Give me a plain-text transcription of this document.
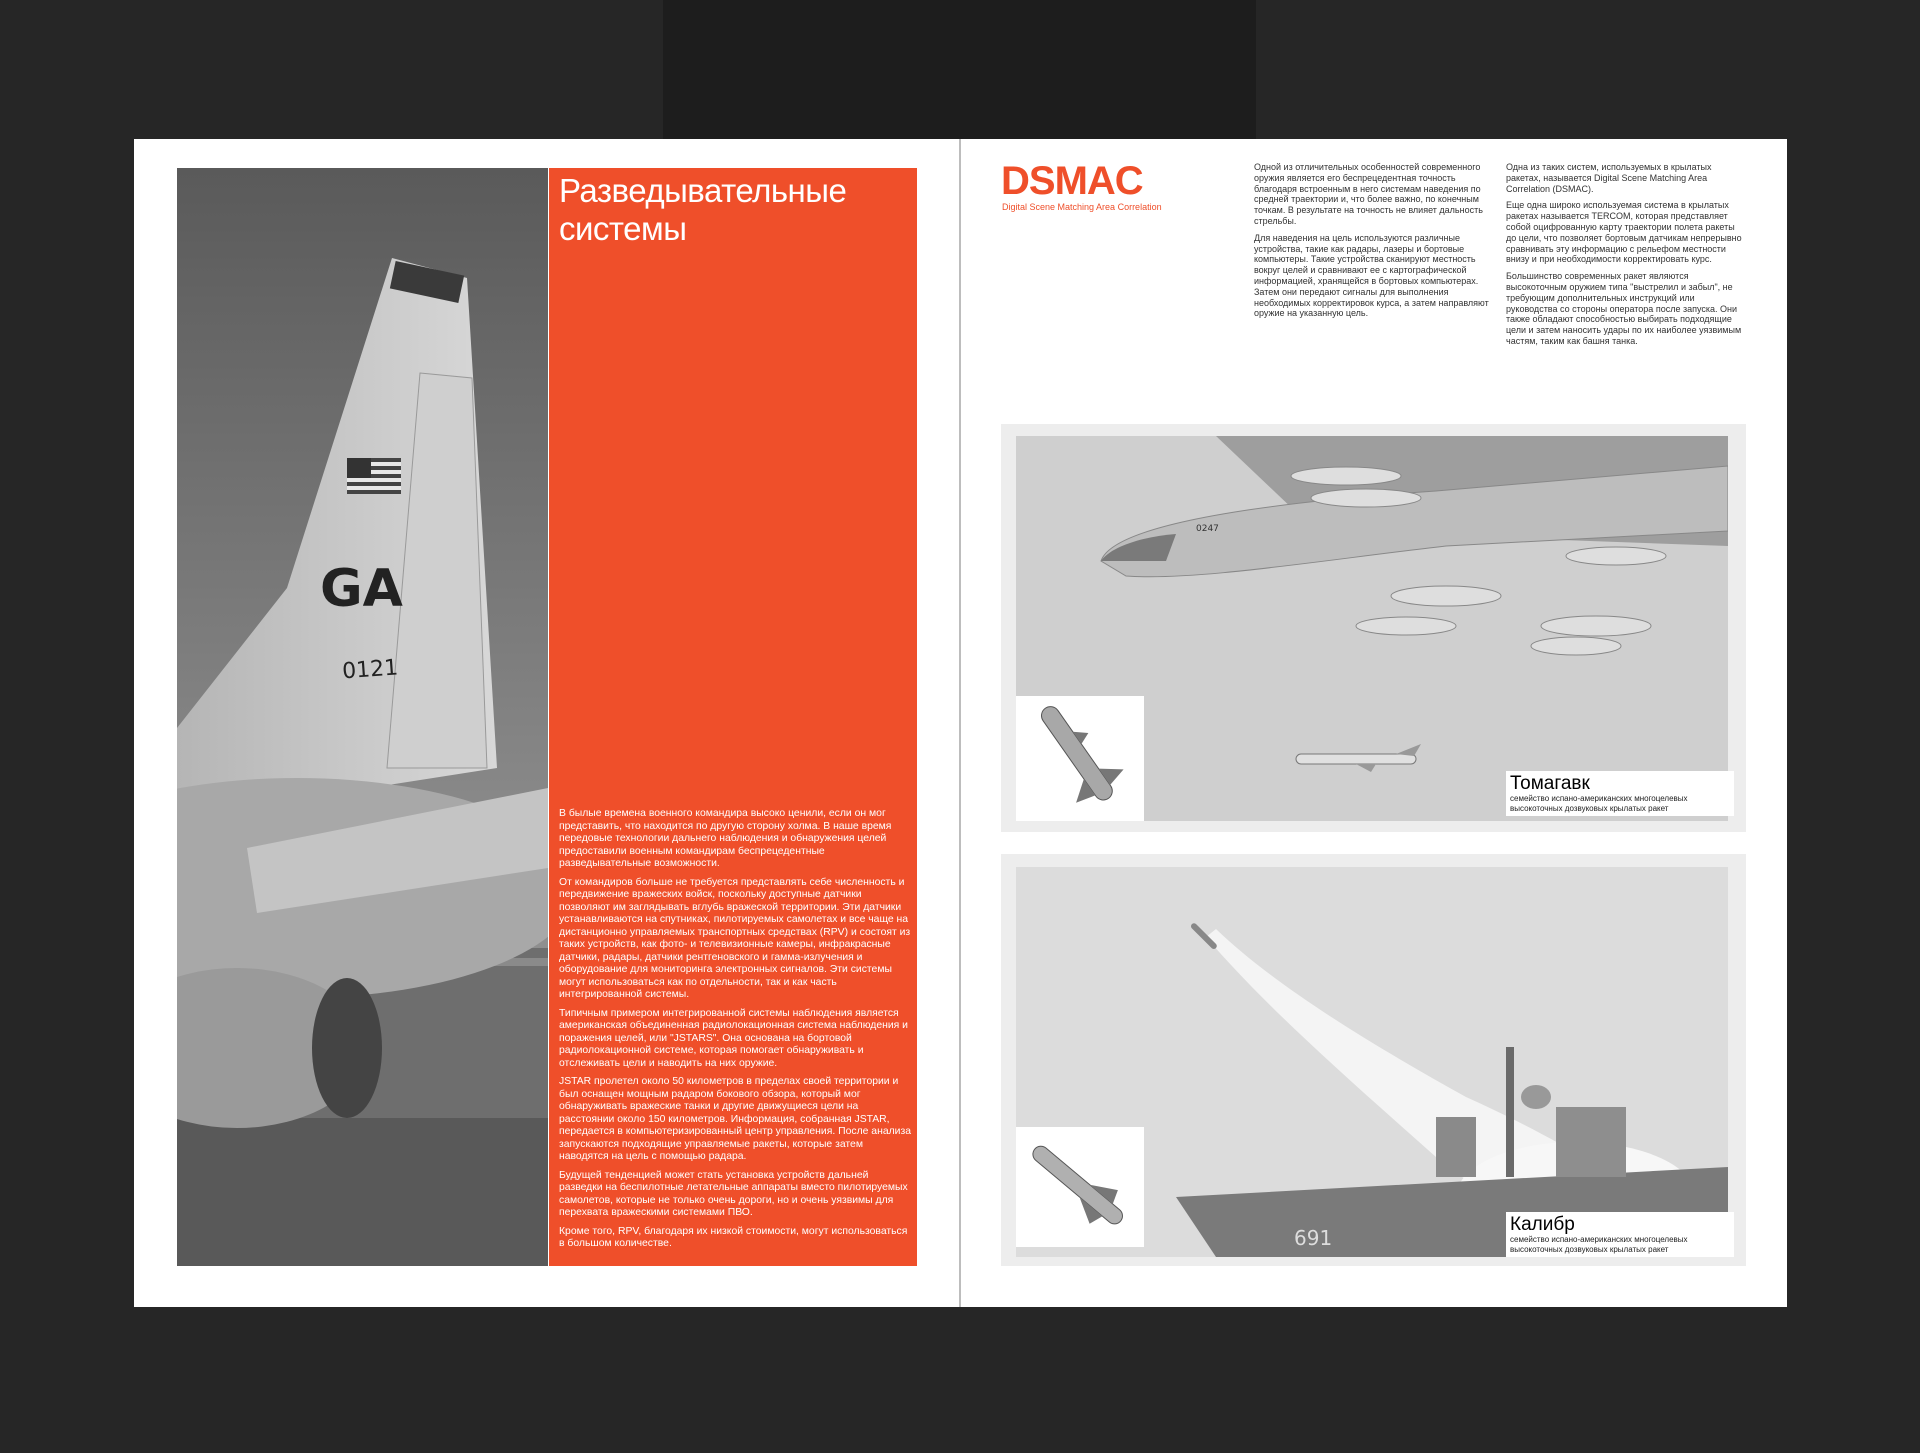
GA
0121
Разведывательные системы

В былые времена военного командира высоко ценили, если он мог представить, что находится по другую сторону холма. В наше время передовые технологии дальнего наблюдения и обнаружения целей предоставили военным командирам беспрецедентные разведывательные возможности.

От командиров больше не требуется представлять себе численность и передвижение вражеских войск, поскольку доступные датчики позволяют им заглядывать вглубь вражеской территории. Эти датчики устанавливаются на спутниках, пилотируемых самолетах и все чаще на дистанционно управляемых транспортных средствах (RPV) и состоят из таких устройств, как фото- и телевизионные камеры, инфракрасные датчики, радары, датчики рентгеновского и гамма-излучения и оборудование для мониторинга электронных сигналов. Эти системы могут использоваться как по отдельности, так и как часть интегрированной системы.

Типичным примером интегрированной системы наблюдения является американская объединенная радиолокационная система наблюдения и поражения целей, или "JSTARS". Она основана на бортовой радиолокационной системе, которая помогает обнаруживать и отслеживать цели и наводить на них оружие.

JSTAR пролетел около 50 километров в пределах своей территории и был оснащен мощным радаром бокового обзора, который мог обнаруживать вражеские танки и другие движущиеся цели на расстоянии около 150 километров. Информация, собранная JSTAR, передается в компьютеризированный центр управления. После анализа запускаются подходящие управляемые ракеты, которые затем наводятся на цель с помощью радара.

Будущей тенденцией может стать установка устройств дальней разведки на беспилотные летательные аппараты вместо пилотируемых самолетов, которые не только очень дороги, но и очень уязвимы для перехвата вражескими системами ПВО.

Кроме того, RPV, благодаря их низкой стоимости, могут использоваться в большом количестве.

DSMAC
Digital Scene Matching Area Correlation

Одной из отличительных особенностей современного оружия является его беспрецедентная точность благодаря встроенным в него системам наведения по средней траектории и, что более важно, по конечным точкам. В результате на точность не влияет дальность стрельбы.

Для наведения на цель используются различные устройства, такие как радары, лазеры и бортовые компьютеры. Такие устройства сканируют местность вокруг целей и сравнивают ее с картографической информацией, хранящейся в бортовых компьютерах. Затем они передают сигналы для выполнения необходимых корректировок курса, а затем направляют оружие на указанную цель.

Одна из таких систем, используемых в крылатых ракетах, называется Digital Scene Matching Area Correlation (DSMAC).

Еще одна широко используемая система в крылатых ракетах называется TERCOM, которая представляет собой оцифрованную карту траектории полета ракеты до цели, что позволяет бортовым датчикам непрерывно сравнивать эту информацию с рельефом местности внизу и при необходимости корректировать курс.

Большинство современных ракет являются высокоточным оружием типа "выстрелил и забыл", не требующим дополнительных инструкций или руководства со стороны оператора после запуска. Они также обладают способностью выбирать подходящие цели и затем наносить удары по их наиболее уязвимым частям, таким как башня танка.

0247
Томагавк
семейство испано-американских многоцелевых высокоточных дозвуковых крылатых ракет
691
Калибр
семейство испано-американских многоцелевых высокоточных дозвуковых крылатых ракет
